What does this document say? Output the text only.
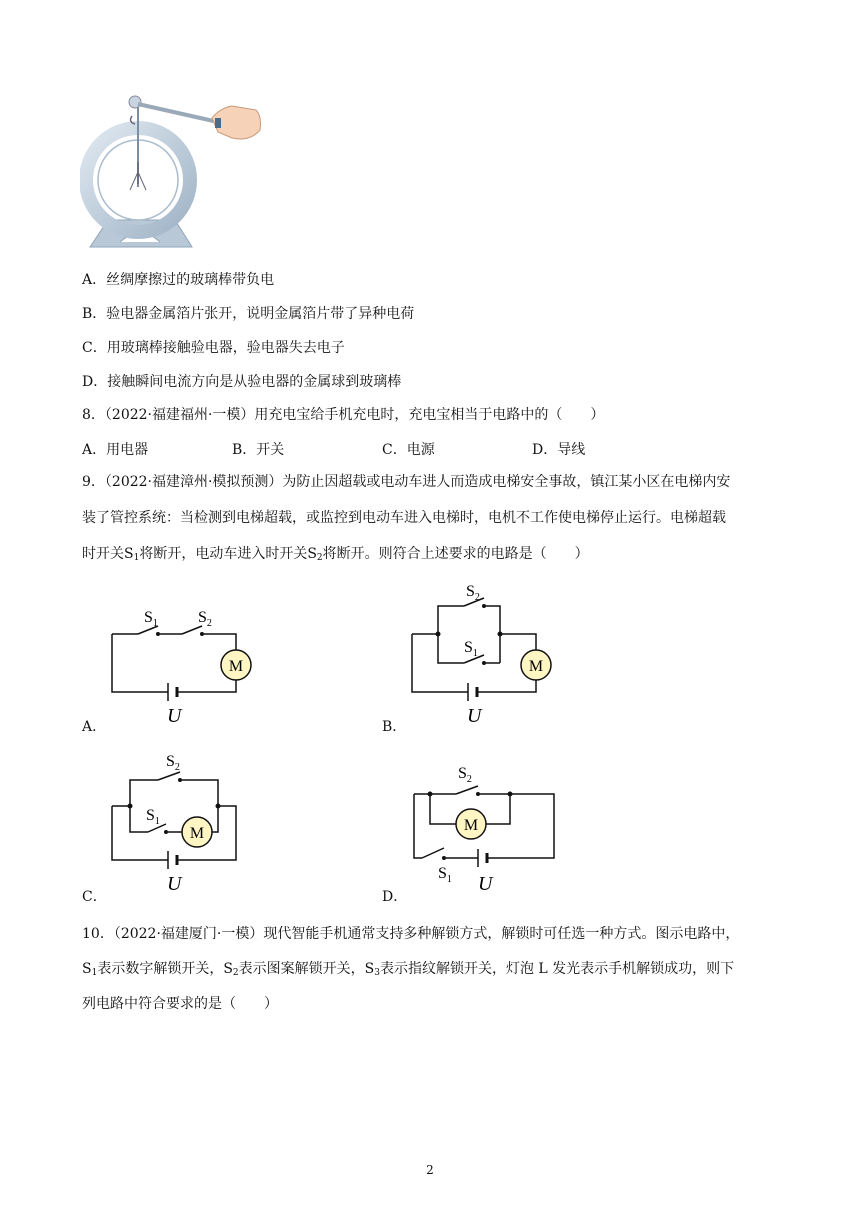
A．丝绸摩擦过的玻璃棒带负电
B．验电器金属箔片张开，说明金属箔片带了异种电荷
C．用玻璃棒接触验电器，验电器失去电子
D．接触瞬间电流方向是从验电器的金属球到玻璃棒
8．（2022·福建福州·一模）用充电宝给手机充电时，充电宝相当于电路中的（　　）
A．用电器	B．开关	C．电源	D．导线
9．（2022·福建漳州·模拟预测）为防止因超载或电动车进人而造成电梯安全事故，镇江某小区在电梯内安
装了管控系统：当检测到电梯超载，或监控到电动车进入电梯时，电机不工作使电梯停止运行。电梯超载
时开关$S_1$将断开，电动车进入时开关$S_2$将断开。则符合上述要求的电路是（　　）
M
$S_1$	$S_2$
U
A．
M
$S_2$
$S_1$
U
B．
M
$S_2$
$S_1$
U
C．
M
$S_2$
$S_1$ U
D．
10．（2022·福建厦门·一模）现代智能手机通常支持多种解锁方式，解锁时可任选一种方式。图示电路中，
$S_1$表示数字解锁开关，$S_2$表示图案解锁开关，$S_3$表示指纹解锁开关，灯泡 L 发光表示手机解锁成功，则下
列电路中符合要求的是（　　）
2
